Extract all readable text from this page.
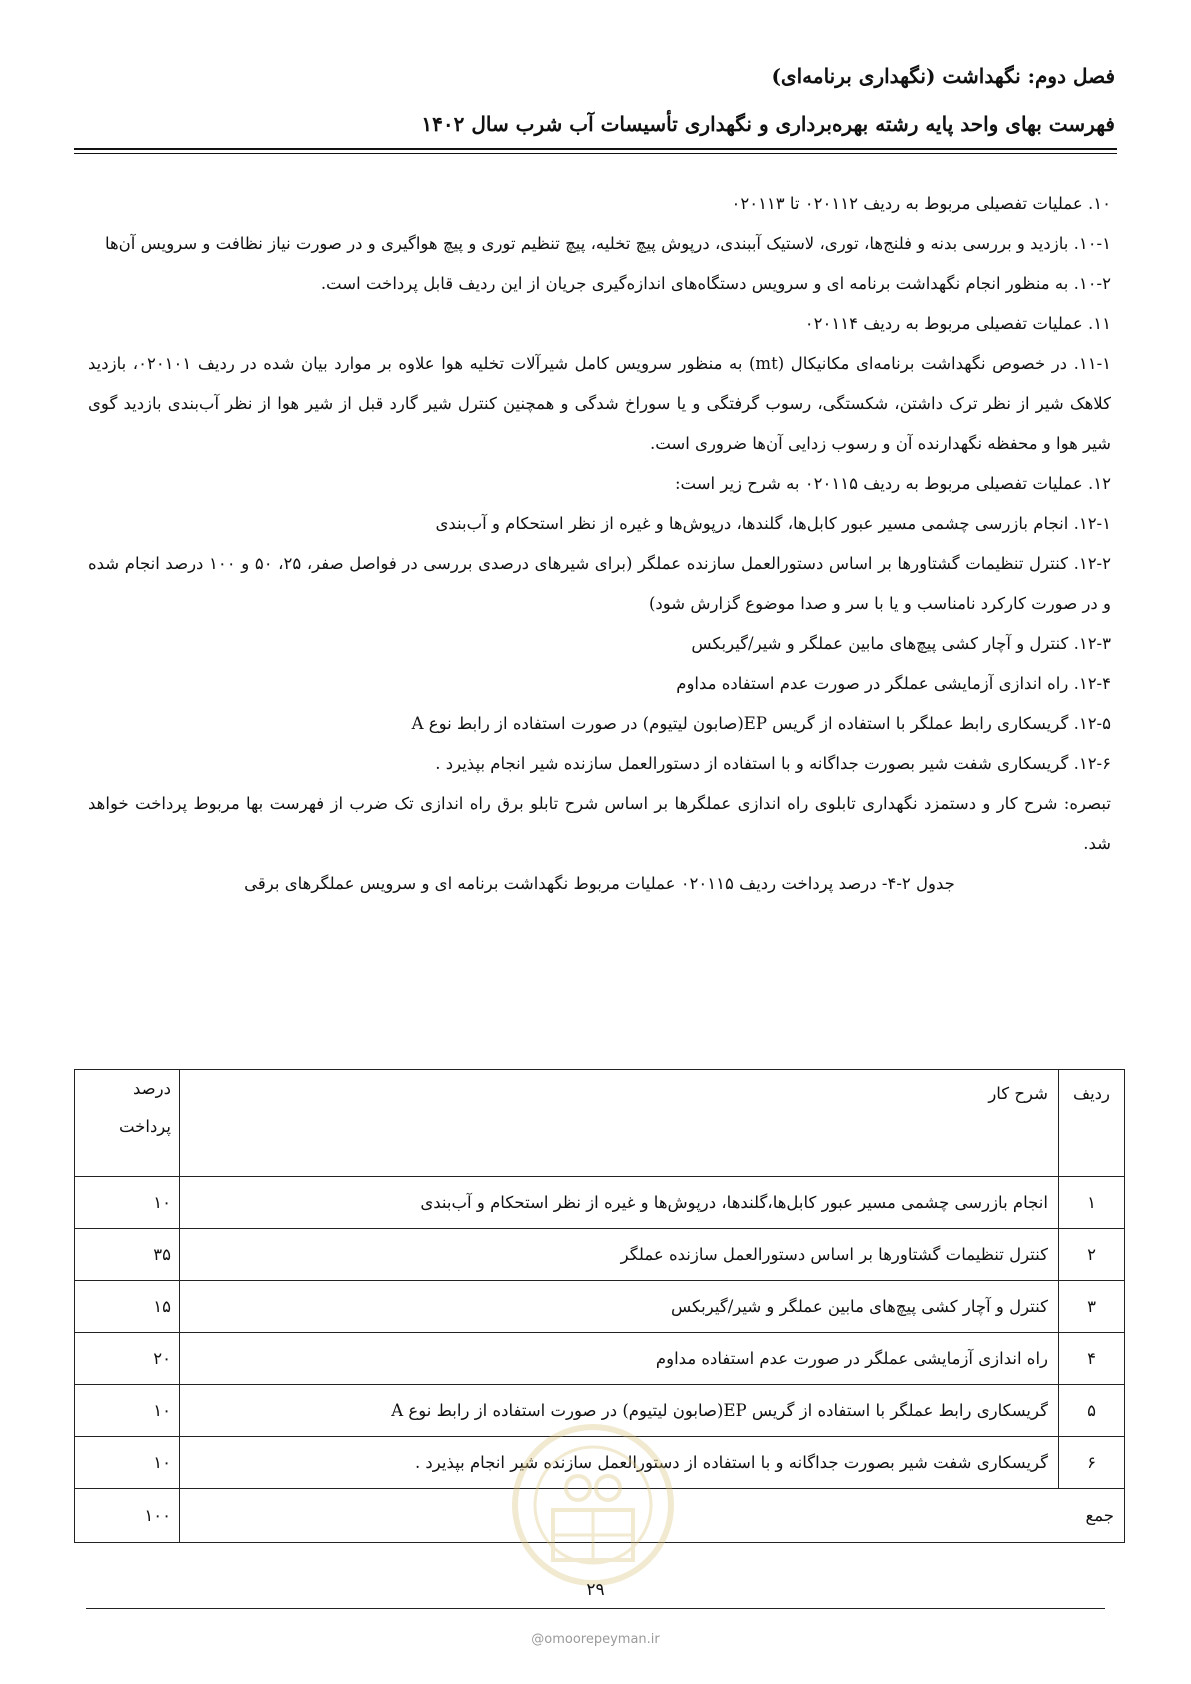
فصل دوم: نگهداشت (نگهداری برنامه‌ای)
فهرست بهای واحد پایه رشته بهره‌برداری و نگهداری تأسیسات آب شرب سال ۱۴۰۲

۱۰. عملیات تفصیلی مربوط به ردیف ۰۲۰۱۱۲ تا ۰۲۰۱۱۳

۱۰-۱. بازدید و بررسی بدنه و فلنج‌ها، توری، لاستیک آببندی، درپوش پیچ تخلیه، پیچ تنظیم توری و پیچ هواگیری و در صورت نیاز نظافت و سرویس آن‌ها

۱۰-۲. به منظور انجام نگهداشت برنامه ای و سرویس دستگاه‌های اندازه‌گیری جریان از این ردیف قابل پرداخت است.

۱۱. عملیات تفصیلی مربوط به ردیف ۰۲۰۱۱۴

۱۱-۱. در خصوص نگهداشت برنامه‌ای مکانیکال (mt) به منظور سرویس کامل شیرآلات تخلیه هوا علاوه بر موارد بیان شده در ردیف ۰۲۰۱۰۱، بازدید کلاهک شیر از نظر ترک داشتن، شکستگی، رسوب گرفتگی و یا سوراخ شدگی و همچنین کنترل شیر گارد قبل از شیر هوا از نظر آب‌بندی بازدید گوی شیر هوا و محفظه نگهدارنده آن و رسوب زدایی آن‌ها ضروری است.

۱۲. عملیات تفصیلی مربوط به ردیف ۰۲۰۱۱۵ به شرح زیر است:

۱۲-۱. انجام بازرسی چشمی مسیر عبور کابل‌ها، گلندها، درپوش‌ها و غیره از نظر استحکام و آب‌بندی

۱۲-۲. کنترل تنظیمات گشتاورها بر اساس دستورالعمل سازنده عملگر (برای شیرهای درصدی بررسی در فواصل صفر، ۲۵، ۵۰ و ۱۰۰ درصد انجام شده و در صورت کارکرد نامناسب و یا با سر و صدا موضوع گزارش شود)

۱۲-۳. کنترل و آچار کشی پیچ‌های مابین عملگر و شیر/گیربکس

۱۲-۴. راه اندازی آزمایشی عملگر در صورت عدم استفاده مداوم

۱۲-۵. گریسکاری رابط عملگر با استفاده از گریس EP(صابون لیتیوم) در صورت استفاده از رابط نوع A

۱۲-۶. گریسکاری شفت شیر بصورت جداگانه و با استفاده از دستورالعمل سازنده شیر انجام بپذیرد .

تبصره: شرح کار و دستمزد نگهداری تابلوی راه اندازی عملگرها بر اساس شرح تابلو برق راه اندازی تک ضرب از فهرست بها مربوط پرداخت خواهد شد.

جدول ۲-۴- درصد پرداخت ردیف ۰۲۰۱۱۵ عملیات مربوط نگهداشت برنامه ای و سرویس عملگرهای برقی

ردیف	شرح کار	درصد پرداخت
۱	انجام بازرسی چشمی مسیر عبور کابل‌ها،گلندها، درپوش‌ها و غیره از نظر استحکام و آب‌بندی	۱۰
۲	کنترل تنظیمات گشتاورها بر اساس دستورالعمل سازنده عملگر	۳۵
۳	کنترل و آچار کشی پیچ‌های مابین عملگر و شیر/گیربکس	۱۵
۴	راه اندازی آزمایشی عملگر در صورت عدم استفاده مداوم	۲۰
۵	گریسکاری رابط عملگر با استفاده از گریس EP(صابون لیتیوم) در صورت استفاده از رابط نوع A	۱۰
۶	گریسکاری شفت شیر بصورت جداگانه و با استفاده از دستورالعمل سازنده شیر انجام بپذیرد .	۱۰
جمع		۱۰۰
۲۹
@omoorepeyman.ir
